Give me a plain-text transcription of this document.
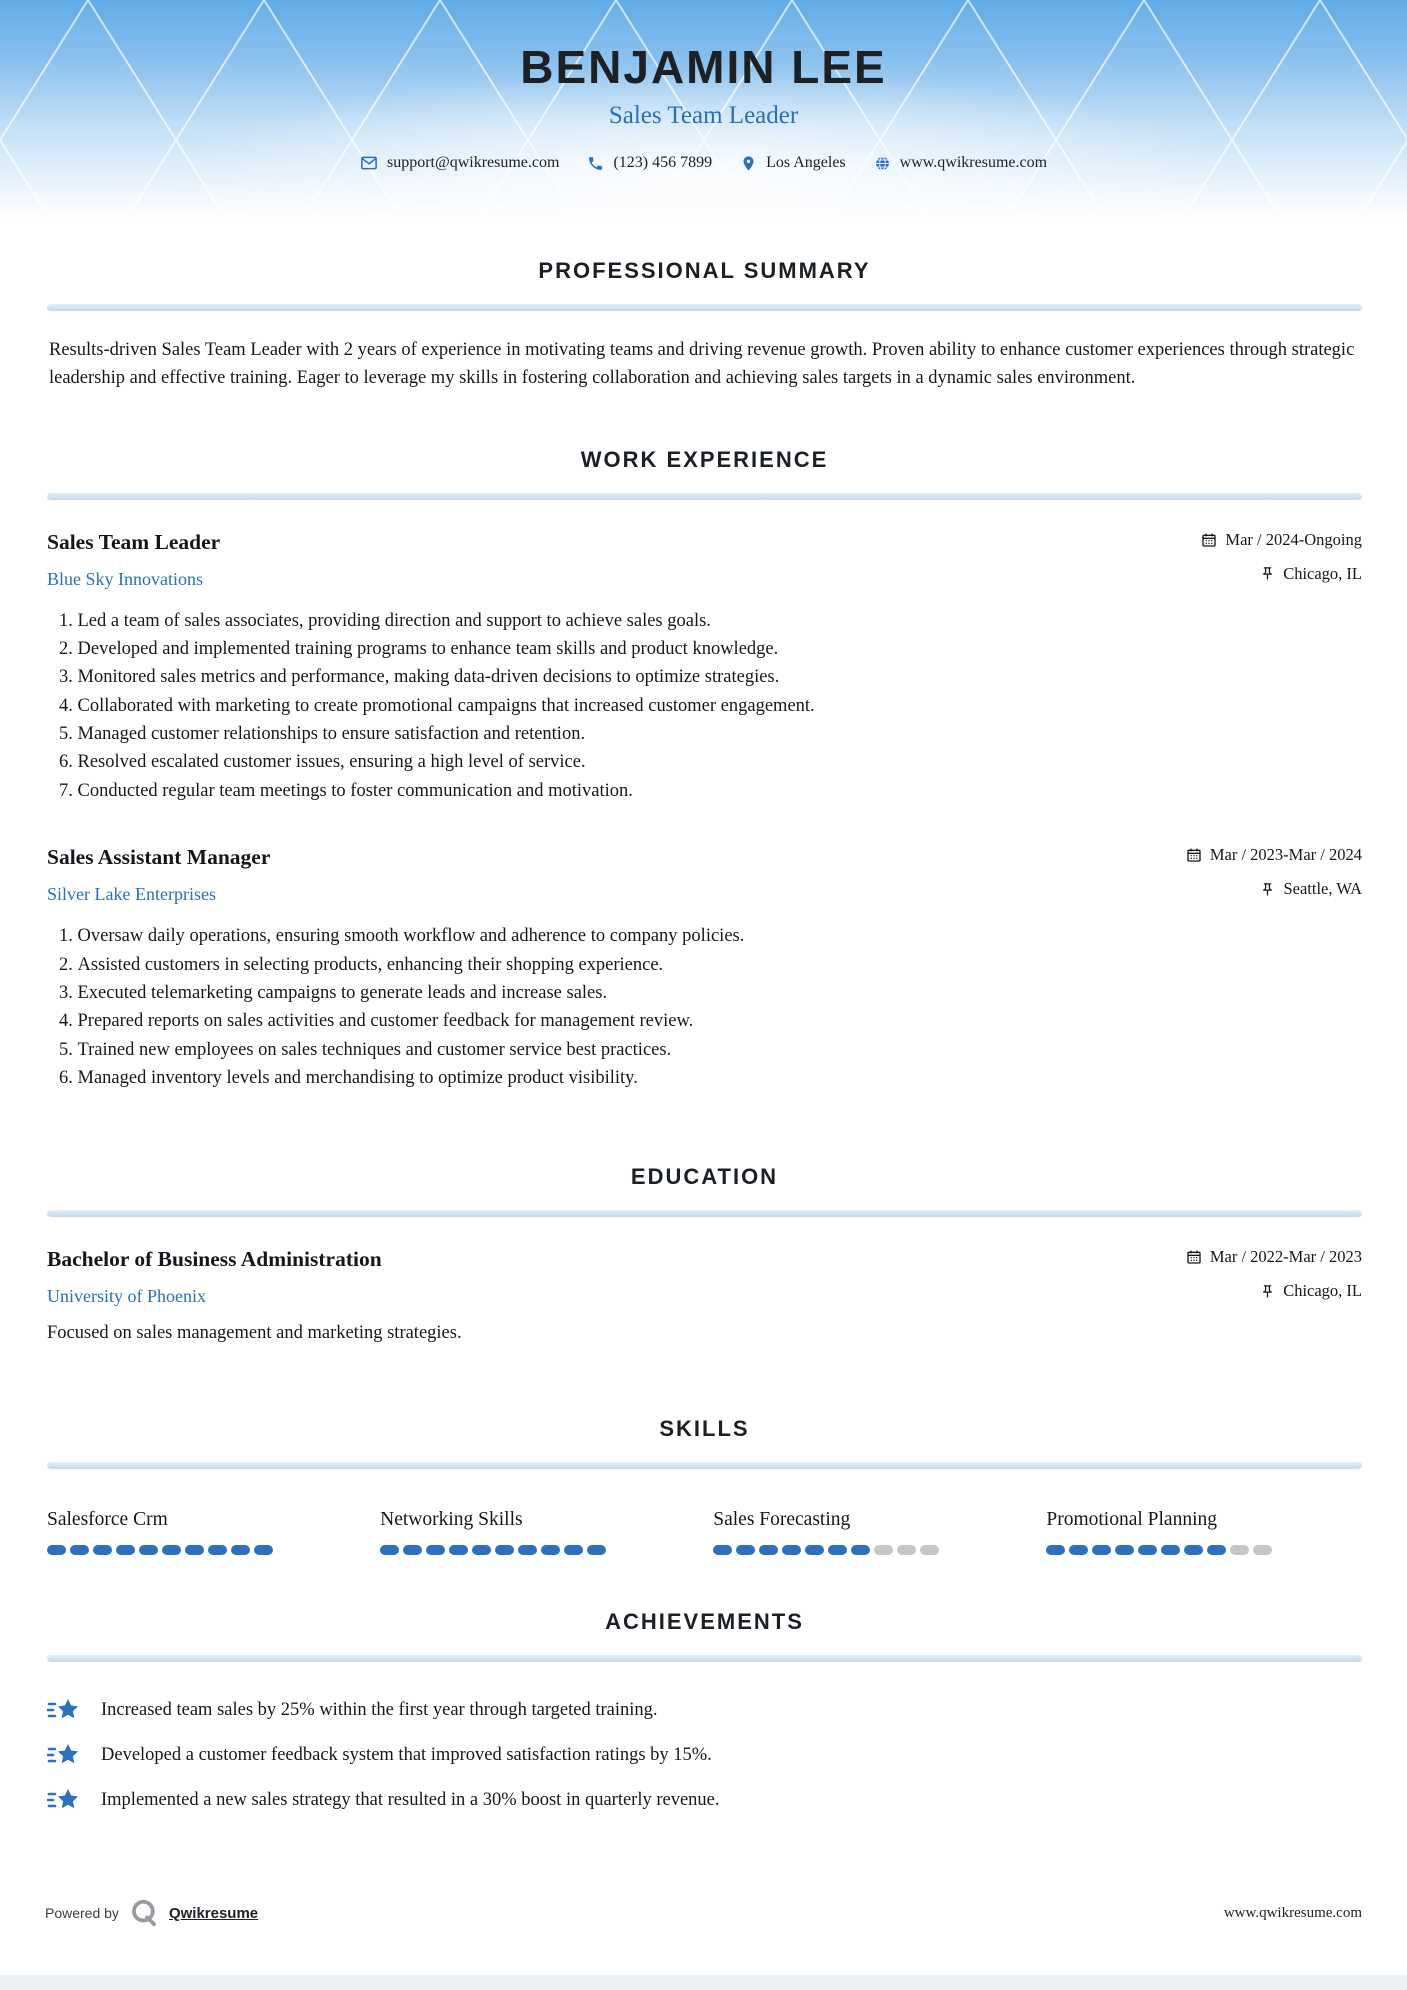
BENJAMIN LEE
Sales Team Leader
support@qwikresume.com	(123) 456 7899	Los Angeles	www.qwikresume.com
PROFESSIONAL SUMMARY

Results-driven Sales Team Leader with 2 years of experience in motivating teams and driving revenue growth. Proven ability to enhance customer experiences through strategic leadership and effective training. Eager to leverage my skills in fostering collaboration and achieving sales targets in a dynamic sales environment.

WORK EXPERIENCE
Sales Team Leader
Blue Sky Innovations
Mar / 2024-Ongoing
Chicago, IL
1. Led a team of sales associates, providing direction and support to achieve sales goals.
2. Developed and implemented training programs to enhance team skills and product knowledge.
3. Monitored sales metrics and performance, making data-driven decisions to optimize strategies.
4. Collaborated with marketing to create promotional campaigns that increased customer engagement.
5. Managed customer relationships to ensure satisfaction and retention.
6. Resolved escalated customer issues, ensuring a high level of service.
7. Conducted regular team meetings to foster communication and motivation.
Sales Assistant Manager
Silver Lake Enterprises
Mar / 2023-Mar / 2024
Seattle, WA
1. Oversaw daily operations, ensuring smooth workflow and adherence to company policies.
2. Assisted customers in selecting products, enhancing their shopping experience.
3. Executed telemarketing campaigns to generate leads and increase sales.
4. Prepared reports on sales activities and customer feedback for management review.
5. Trained new employees on sales techniques and customer service best practices.
6. Managed inventory levels and merchandising to optimize product visibility.
EDUCATION
Bachelor of Business Administration
University of Phoenix
Mar / 2022-Mar / 2023
Chicago, IL
Focused on sales management and marketing strategies.
SKILLS
Salesforce Crm	Networking Skills	Sales Forecasting	Promotional Planning
ACHIEVEMENTS
Increased team sales by 25% within the first year through targeted training.
Developed a customer feedback system that improved satisfaction ratings by 15%.
Implemented a new sales strategy that resulted in a 30% boost in quarterly revenue.
Powered by	Qwikresume	www.qwikresume.com
